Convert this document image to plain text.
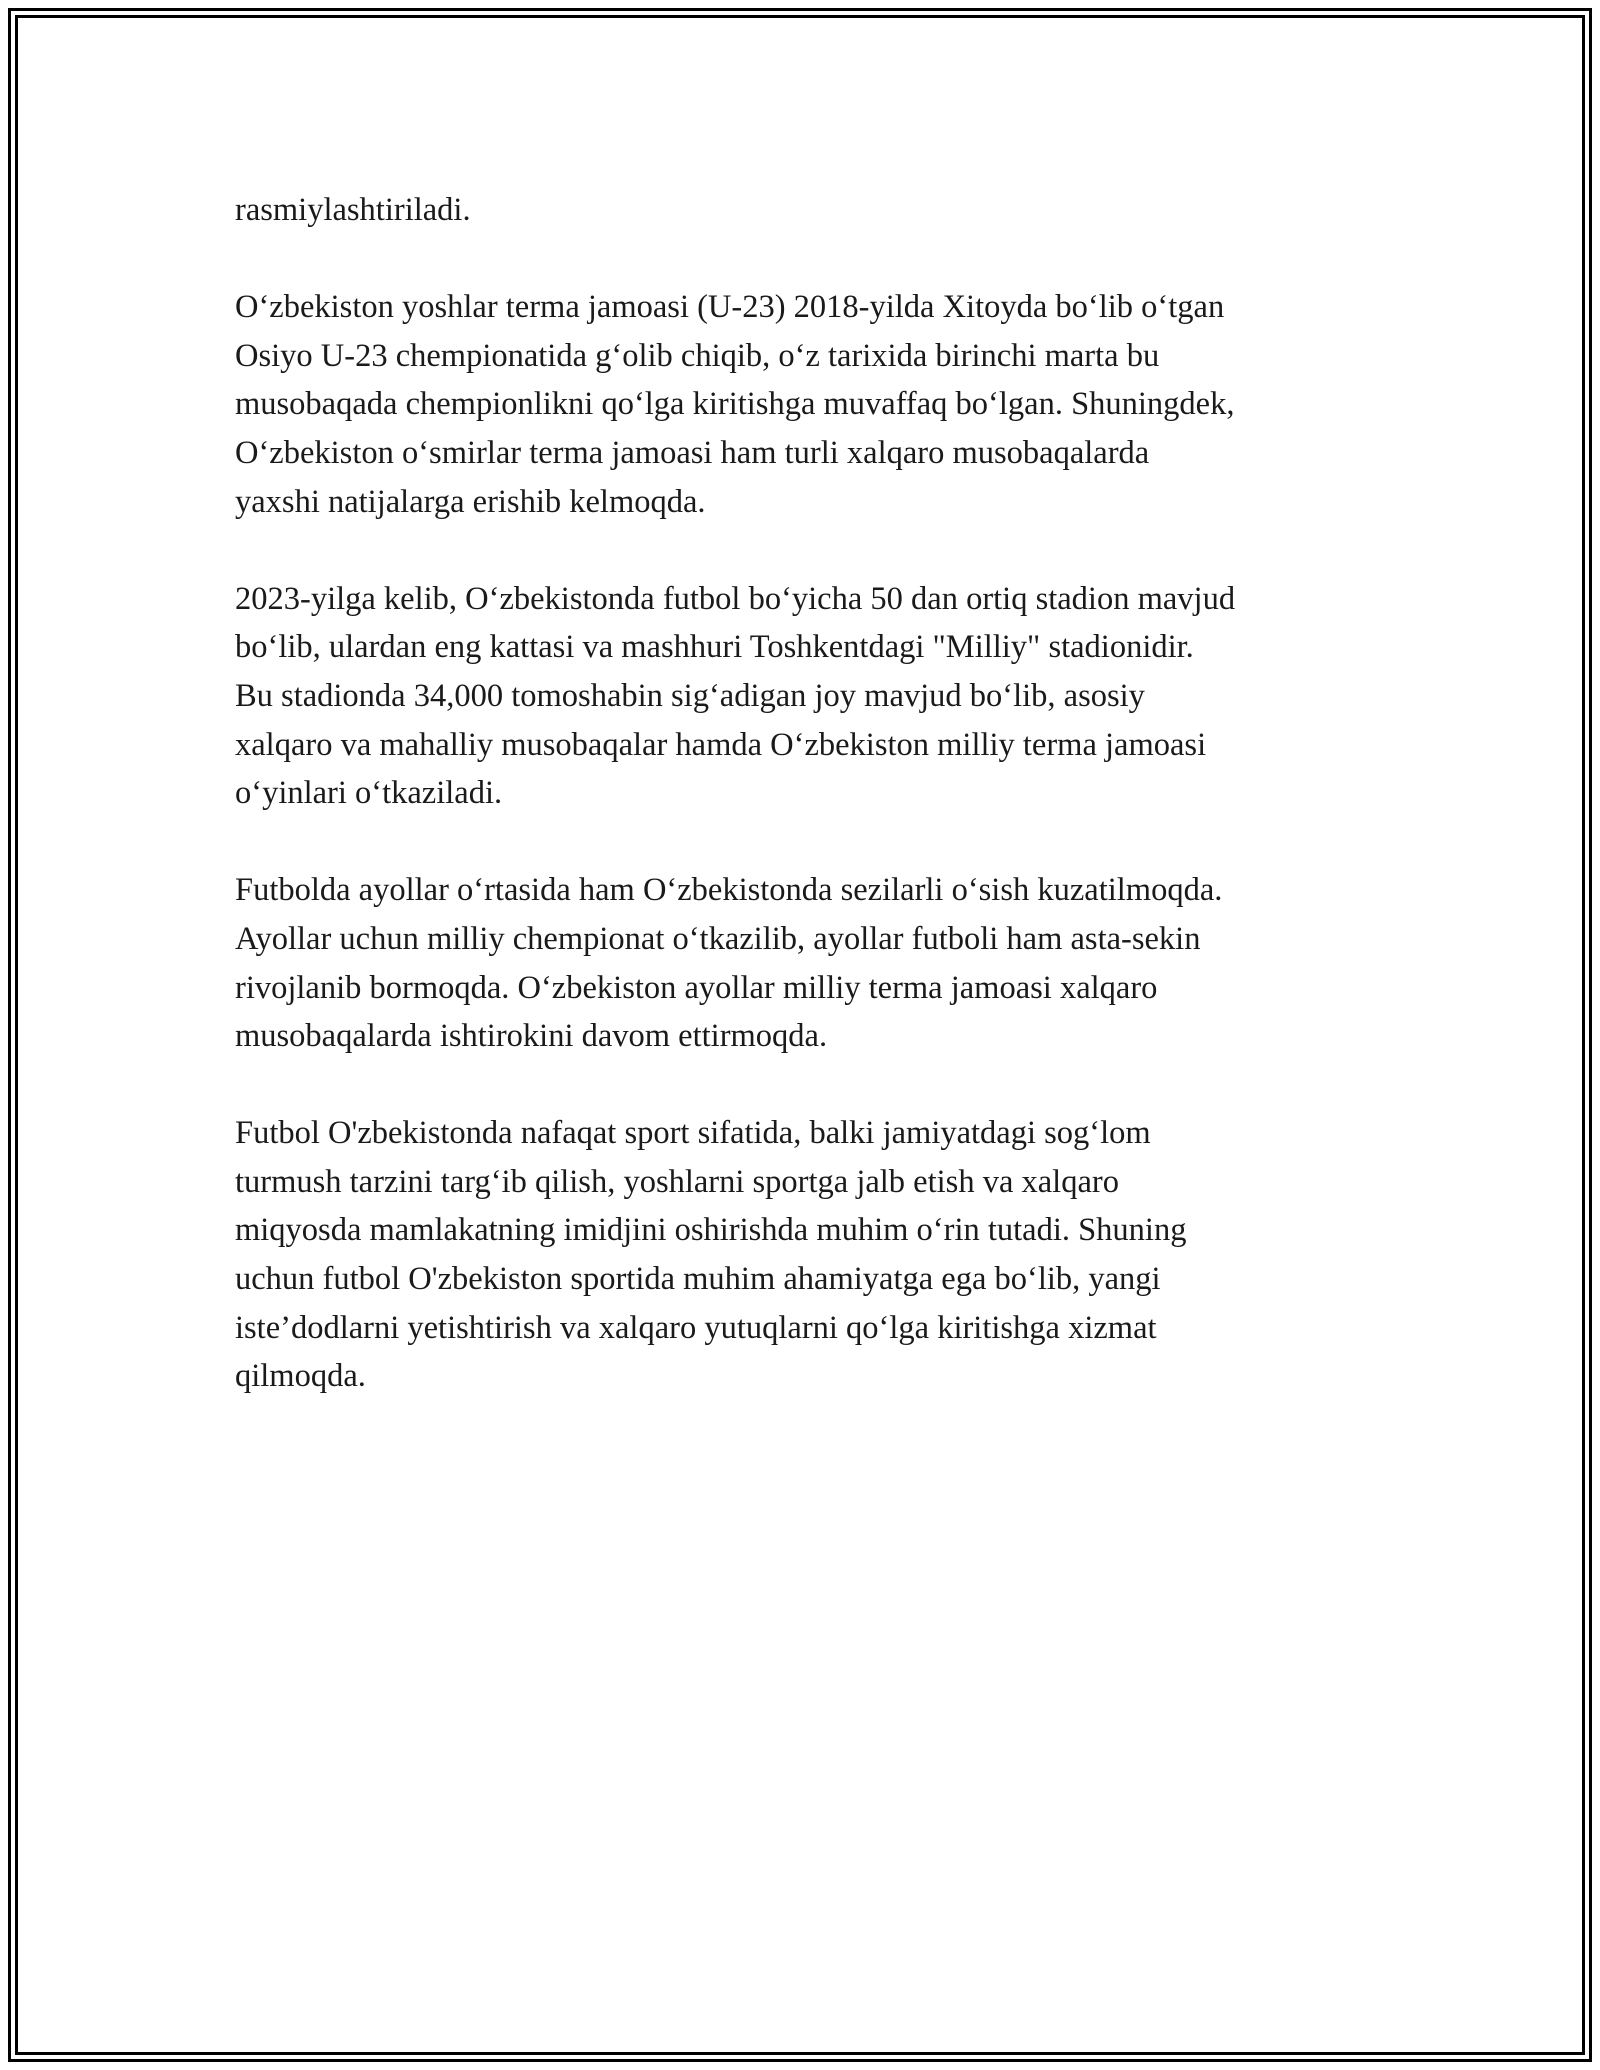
rasmiylashtiriladi.

O‘zbekiston yoshlar terma jamoasi (U-23) 2018-yilda Xitoyda bo‘lib o‘tgan
Osiyo U-23 chempionatida g‘olib chiqib, o‘z tarixida birinchi marta bu
musobaqada chempionlikni qo‘lga kiritishga muvaffaq bo‘lgan. Shuningdek,
O‘zbekiston o‘smirlar terma jamoasi ham turli xalqaro musobaqalarda
yaxshi natijalarga erishib kelmoqda.

2023-yilga kelib, O‘zbekistonda futbol bo‘yicha 50 dan ortiq stadion mavjud
bo‘lib, ulardan eng kattasi va mashhuri Toshkentdagi "Milliy" stadionidir.
Bu stadionda 34,000 tomoshabin sig‘adigan joy mavjud bo‘lib, asosiy
xalqaro va mahalliy musobaqalar hamda O‘zbekiston milliy terma jamoasi
o‘yinlari o‘tkaziladi.

Futbolda ayollar o‘rtasida ham O‘zbekistonda sezilarli o‘sish kuzatilmoqda.
Ayollar uchun milliy chempionat o‘tkazilib, ayollar futboli ham asta-sekin
rivojlanib bormoqda. O‘zbekiston ayollar milliy terma jamoasi xalqaro
musobaqalarda ishtirokini davom ettirmoqda.

Futbol O'zbekistonda nafaqat sport sifatida, balki jamiyatdagi sog‘lom
turmush tarzini targ‘ib qilish, yoshlarni sportga jalb etish va xalqaro
miqyosda mamlakatning imidjini oshirishda muhim o‘rin tutadi. Shuning
uchun futbol O'zbekiston sportida muhim ahamiyatga ega bo‘lib, yangi
iste’dodlarni yetishtirish va xalqaro yutuqlarni qo‘lga kiritishga xizmat
qilmoqda.
